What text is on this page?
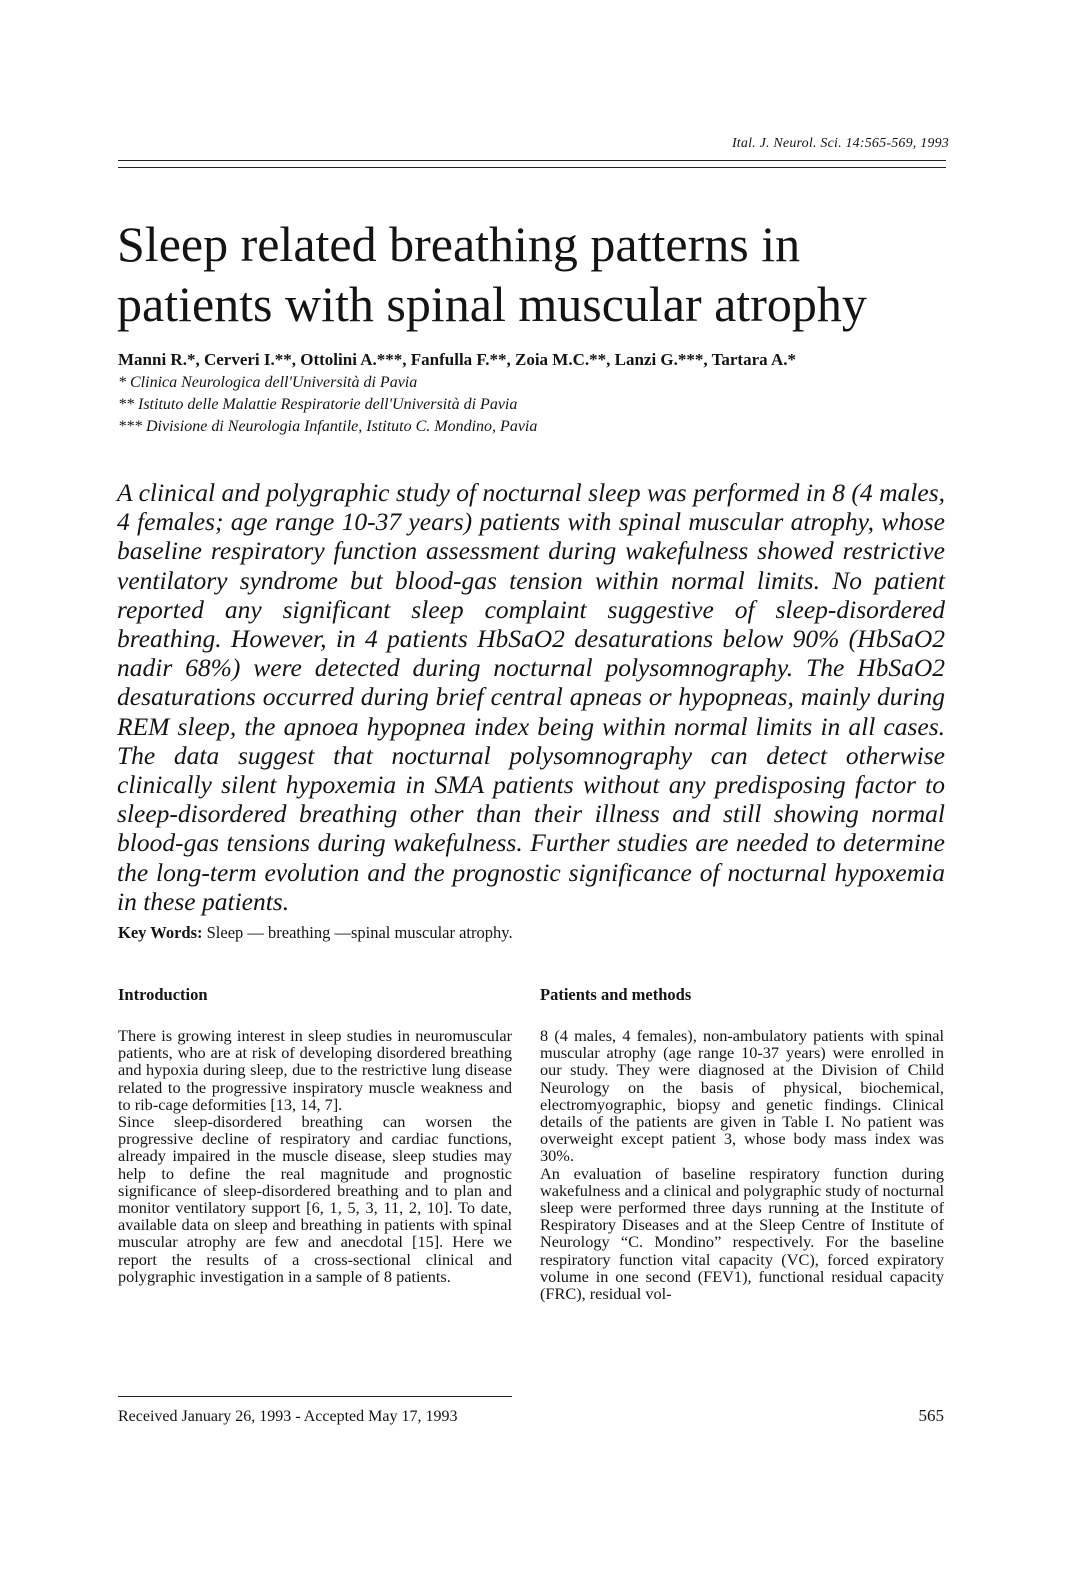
Ital. J. Neurol. Sci. 14:565-569, 1993
Sleep related breathing patterns in patients with spinal muscular atrophy
Manni R.*, Cerveri I.**, Ottolini A.***, Fanfulla F.**, Zoia M.C.**, Lanzi G.***, Tartara A.*
* Clinica Neurologica dell'Università di Pavia
** Istituto delle Malattie Respiratorie dell'Università di Pavia
*** Divisione di Neurologia Infantile, Istituto C. Mondino, Pavia

A clinical and polygraphic study of nocturnal sleep was performed in 8 (4 males, 4 females; age range 10-37 years) patients with spinal muscular atrophy, whose baseline respiratory function assessment during wakefulness showed restrictive ventilatory syndrome but blood-gas tension within normal limits. No patient reported any significant sleep complaint suggestive of sleep-disordered breathing. However, in 4 patients HbSaO2 desaturations below 90% (HbSaO2 nadir 68%) were detected during nocturnal polysomnography. The HbSaO2 desaturations occurred during brief central apneas or hypopneas, mainly during REM sleep, the apnoea hypopnea index being within normal limits in all cases. The data suggest that nocturnal polysomnography can detect otherwise clinically silent hypoxemia in SMA patients without any predisposing factor to sleep-disordered breathing other than their illness and still showing normal blood-gas tensions during wakefulness. Further studies are needed to determine the long-term evolution and the prognostic significance of nocturnal hypoxemia in these patients.

Key Words: Sleep — breathing —spinal muscular atrophy.
Introduction

There is growing interest in sleep studies in neuromuscular patients, who are at risk of developing disordered breathing and hypoxia during sleep, due to the restrictive lung disease related to the progressive inspiratory muscle weakness and to rib-cage deformities [13, 14, 7].

Since sleep-disordered breathing can worsen the progressive decline of respiratory and cardiac functions, already impaired in the muscle disease, sleep studies may help to define the real magnitude and prognostic significance of sleep-disordered breathing and to plan and monitor ventilatory support [6, 1, 5, 3, 11, 2, 10]. To date, available data on sleep and breathing in patients with spinal muscular atrophy are few and anecdotal [15]. Here we report the results of a cross-sectional clinical and polygraphic investigation in a sample of 8 patients.

Patients and methods

8 (4 males, 4 females), non-ambulatory patients with spinal muscular atrophy (age range 10-37 years) were enrolled in our study. They were diagnosed at the Division of Child Neurology on the basis of physical, biochemical, electromyographic, biopsy and genetic findings. Clinical details of the patients are given in Table I. No patient was overweight except patient 3, whose body mass index was 30%.

An evaluation of baseline respiratory function during wakefulness and a clinical and polygraphic study of nocturnal sleep were performed three days running at the Institute of Respiratory Diseases and at the Sleep Centre of Institute of Neurology “C. Mondino” respectively. For the baseline respiratory function vital capacity (VC), forced expiratory volume in one second (FEV1), functional residual capacity (FRC), residual vol-

Received January 26, 1993 - Accepted May 17, 1993	565
